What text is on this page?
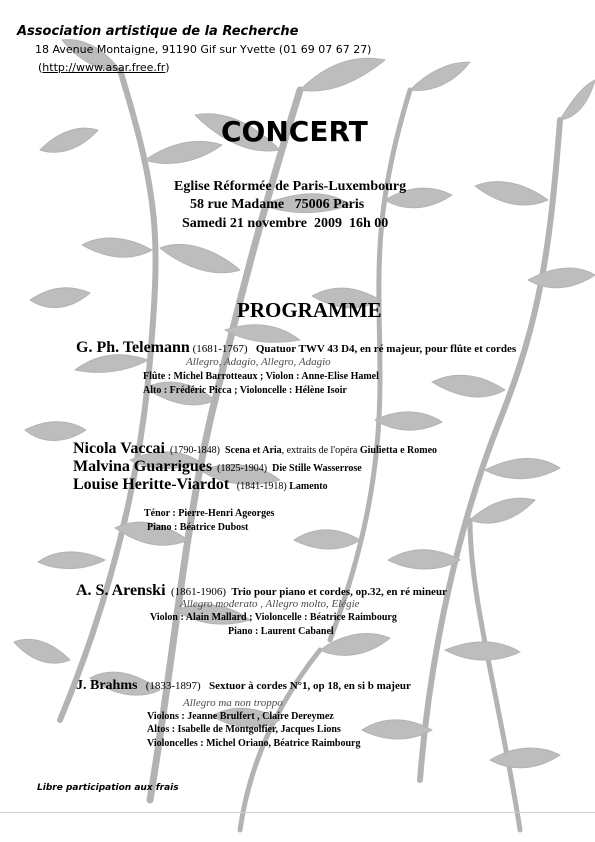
Association artistique de la Recherche
18 Avenue Montaigne, 91190 Gif sur Yvette (01 69 07 67 27)
(http://www.asar.free.fr)
CONCERT
Eglise Réformée de Paris-Luxembourg
58 rue Madame   75006 Paris
Samedi 21 novembre  2009  16h 00
PROGRAMME
G. Ph. Telemann (1681-1767) Quatuor TWV 43 D4, en ré majeur, pour flûte et cordes
Allegro, Adagio, Allegro, Adagio
Flûte : Michel Barrotteaux ; Violon : Anne-Elise Hamel
Alto : Frédéric Picca ; Violoncelle : Hélène Isoir
Nicola Vaccai (1790-1848) Scena et Aria, extraits de l'opéra Giulietta e Romeo
Malvina Guarrigues (1825-1904) Die Stille Wasserrose
Louise Heritte-Viardot (1841-1918) Lamento
Ténor : Pierre-Henri Ageorges
Piano : Béatrice Dubost
A. S. Arenski (1861-1906) Trio pour piano et cordes, op.32, en ré mineur
Allegro moderato , Allegro molto, Elégie
Violon : Alain Mallard ; Violoncelle : Béatrice Raimbourg
Piano : Laurent Cabanel
J. Brahms (1833-1897) Sextuor à cordes N°1, op 18, en si b majeur
Allegro ma non troppo
Violons : Jeanne Brulfert , Claire Dereymez
Altos : Isabelle de Montgolfier, Jacques Lions
Violoncelles : Michel Oriano, Béatrice Raimbourg
Libre participation aux frais
